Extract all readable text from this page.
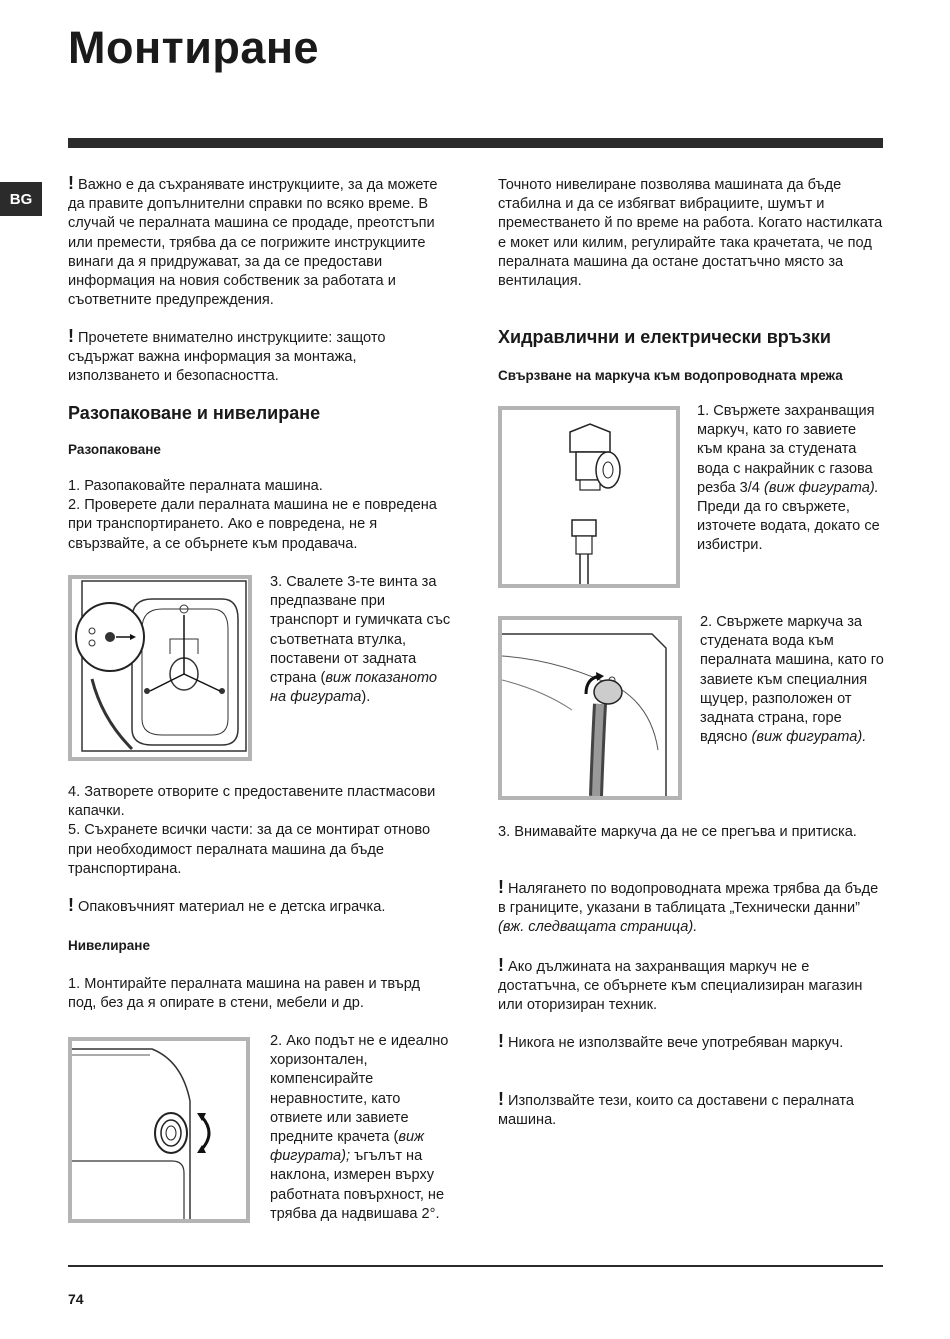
Монтиране
BG

! Важно е да съхранявате инструкциите, за да можете да правите допълнителни справки по всяко време. В случай че пералната машина се продаде, преотстъпи или премести, трябва да се погрижите инструкциите винаги да я придружават, за да се предостави информация на новия собственик за работата и съответните предупреждения.

! Прочетете внимателно инструкциите: защото съдържат важна информация за монтажа, използването и безопасността.

Разопаковане и нивелиране
Разопаковане

1. Разопаковайте пералната машина.
2. Проверете дали пералната машина не е повредена при транспортирането. Ако е повредена, не я свързвайте, а се обърнете към продавача.

3. Свалете 3-те винта за предпазване при транспорт и гумичката със съответната втулка, поставени от задната страна (виж показаното на фигурата).

4. Затворете отворите с предоставените пластмасови капачки.
5. Съхранете всички части: за да се монтират отново при необходимост пералната машина да бъде транспортирана.

! Опаковъчният материал не е детска играчка.

Нивелиране

1. Монтирайте пералната машина на равен и твърд под, без да я опирате в стени, мебели и др.

2. Ако подът не е идеално хоризонтален, компенсирайте неравностите, като отвиете или завиете предните крачета (виж фигурата); ъгълът на наклона, измерен върху работната повърхност, не трябва да надвишава 2°.

Точното нивелиране позволява машината да бъде стабилна и да се избягват вибрациите, шумът и преместването й по време на работа. Когато настилката е мокет или килим, регулирайте така крачетата, че под пералната машина да остане достатъчно място за вентилация.

Хидравлични и електрически връзки
Свързване на маркуча към водопроводната мрежа

1. Свържете захранващия маркуч, като го завиете към крана за студената вода с накрайник с газова резба 3/4 (виж фигурата). Преди да го свържете, източете водата, докато се избистри.

2. Свържете маркуча за студената вода към пералната машина, като го завиете към специалния щуцер, разположен от задната страна, горе вдясно (виж фигурата).

3. Внимавайте маркуча да не се прегъва и притиска.

! Налягането по водопроводната мрежа трябва да бъде в границите, указани в таблицата „Технически данни” (вж. следващата страница).

! Ако дължината на захранващия маркуч не е достатъчна, се обърнете към специализиран магазин или оторизиран техник.

! Никога не използвайте вече употребяван маркуч.

! Използвайте тези, които са доставени с пералната машина.

74
